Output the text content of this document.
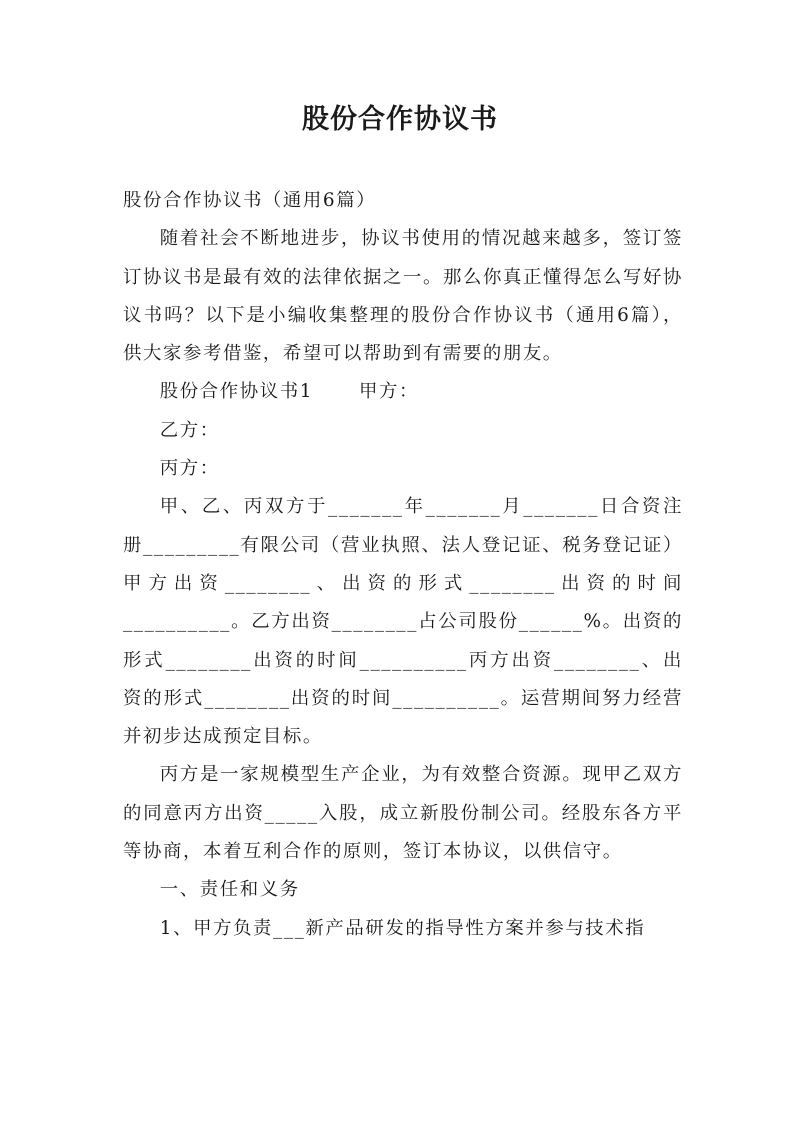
股份合作协议书

股份合作协议书（通用6篇）

随着社会不断地进步，协议书使用的情况越来越多，签订签订协议书是最有效的法律依据之一。那么你真正懂得怎么写好协议书吗？以下是小编收集整理的股份合作协议书（通用6篇），供大家参考借鉴，希望可以帮助到有需要的朋友。

股份合作协议书1	甲方：

乙方：

丙方：

甲、乙、丙双方于_______年_______月_______日合资注册_________有限公司（营业执照、法人登记证、税务登记证）甲方出资________、出资的形式________出资的时间__________。乙方出资________占公司股份______%。出资的形式________出资的时间__________丙方出资________、出资的形式________出资的时间__________。运营期间努力经营并初步达成预定目标。

丙方是一家规模型生产企业，为有效整合资源。现甲乙双方的同意丙方出资_____入股，成立新股份制公司。经股东各方平等协商，本着互利合作的原则，签订本协议，以供信守。

一、责任和义务

1、甲方负责___新产品研发的指导性方案并参与技术指
